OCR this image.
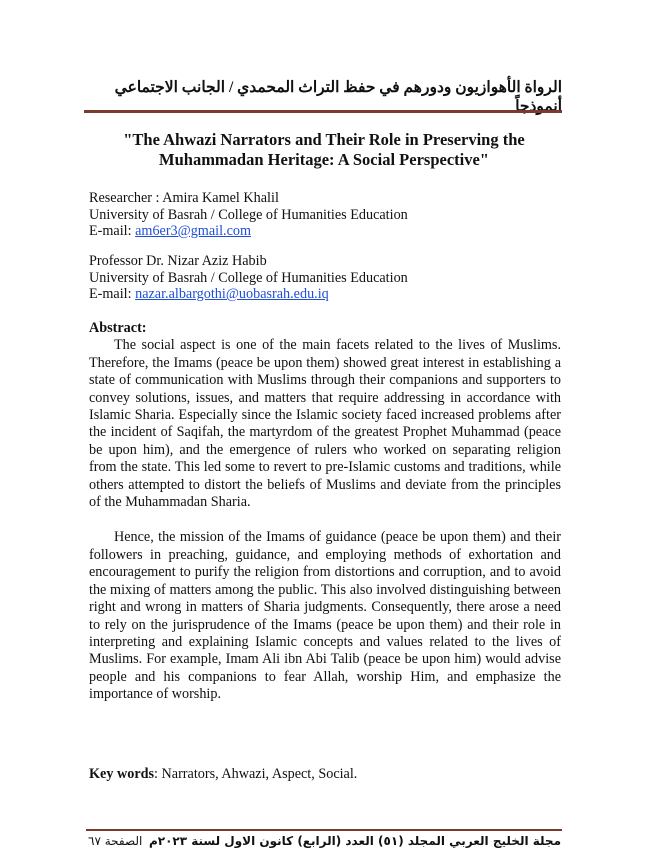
الرواة الأهوازيون ودورهم في حفظ التراث المحمدي / الجانب الاجتماعي أنموذجاً
"The Ahwazi Narrators and Their Role in Preserving the Muhammadan Heritage: A Social Perspective"
Researcher : Amira Kamel Khalil
University of Basrah / College of Humanities Education
E-mail: am6er3@gmail.com
Professor Dr. Nizar Aziz Habib
University of Basrah / College of Humanities Education
E-mail: nazar.albargothi@uobasrah.edu.iq
Abstract:

The social aspect is one of the main facets related to the lives of Muslims. Therefore, the Imams (peace be upon them) showed great interest in establishing a state of communication with Muslims through their companions and supporters to convey solutions, issues, and matters that require addressing in accordance with Islamic Sharia. Especially since the Islamic society faced increased problems after the incident of Saqifah, the martyrdom of the greatest Prophet Muhammad (peace be upon him), and the emergence of rulers who worked on separating religion from the state. This led some to revert to pre-Islamic customs and traditions, while others attempted to distort the beliefs of Muslims and deviate from the principles of the Muhammadan Sharia.

Hence, the mission of the Imams of guidance (peace be upon them) and their followers in preaching, guidance, and employing methods of exhortation and encouragement to purify the religion from distortions and corruption, and to avoid the mixing of matters among the public. This also involved distinguishing between right and wrong in matters of Sharia judgments. Consequently, there arose a need to rely on the jurisprudence of the Imams (peace be upon them) and their role in interpreting and explaining Islamic concepts and values related to the lives of Muslims. For example, Imam Ali ibn Abi Talib (peace be upon him) would advise people and his companions to fear Allah, worship Him, and emphasize the importance of worship.

Key words: Narrators, Ahwazi, Aspect, Social.
الصفحة ٦٧ مجلة الخليج العربي المجلد (٥١) العدد (الرابع) كانون الاول لسنة ٢٠٢٣م
